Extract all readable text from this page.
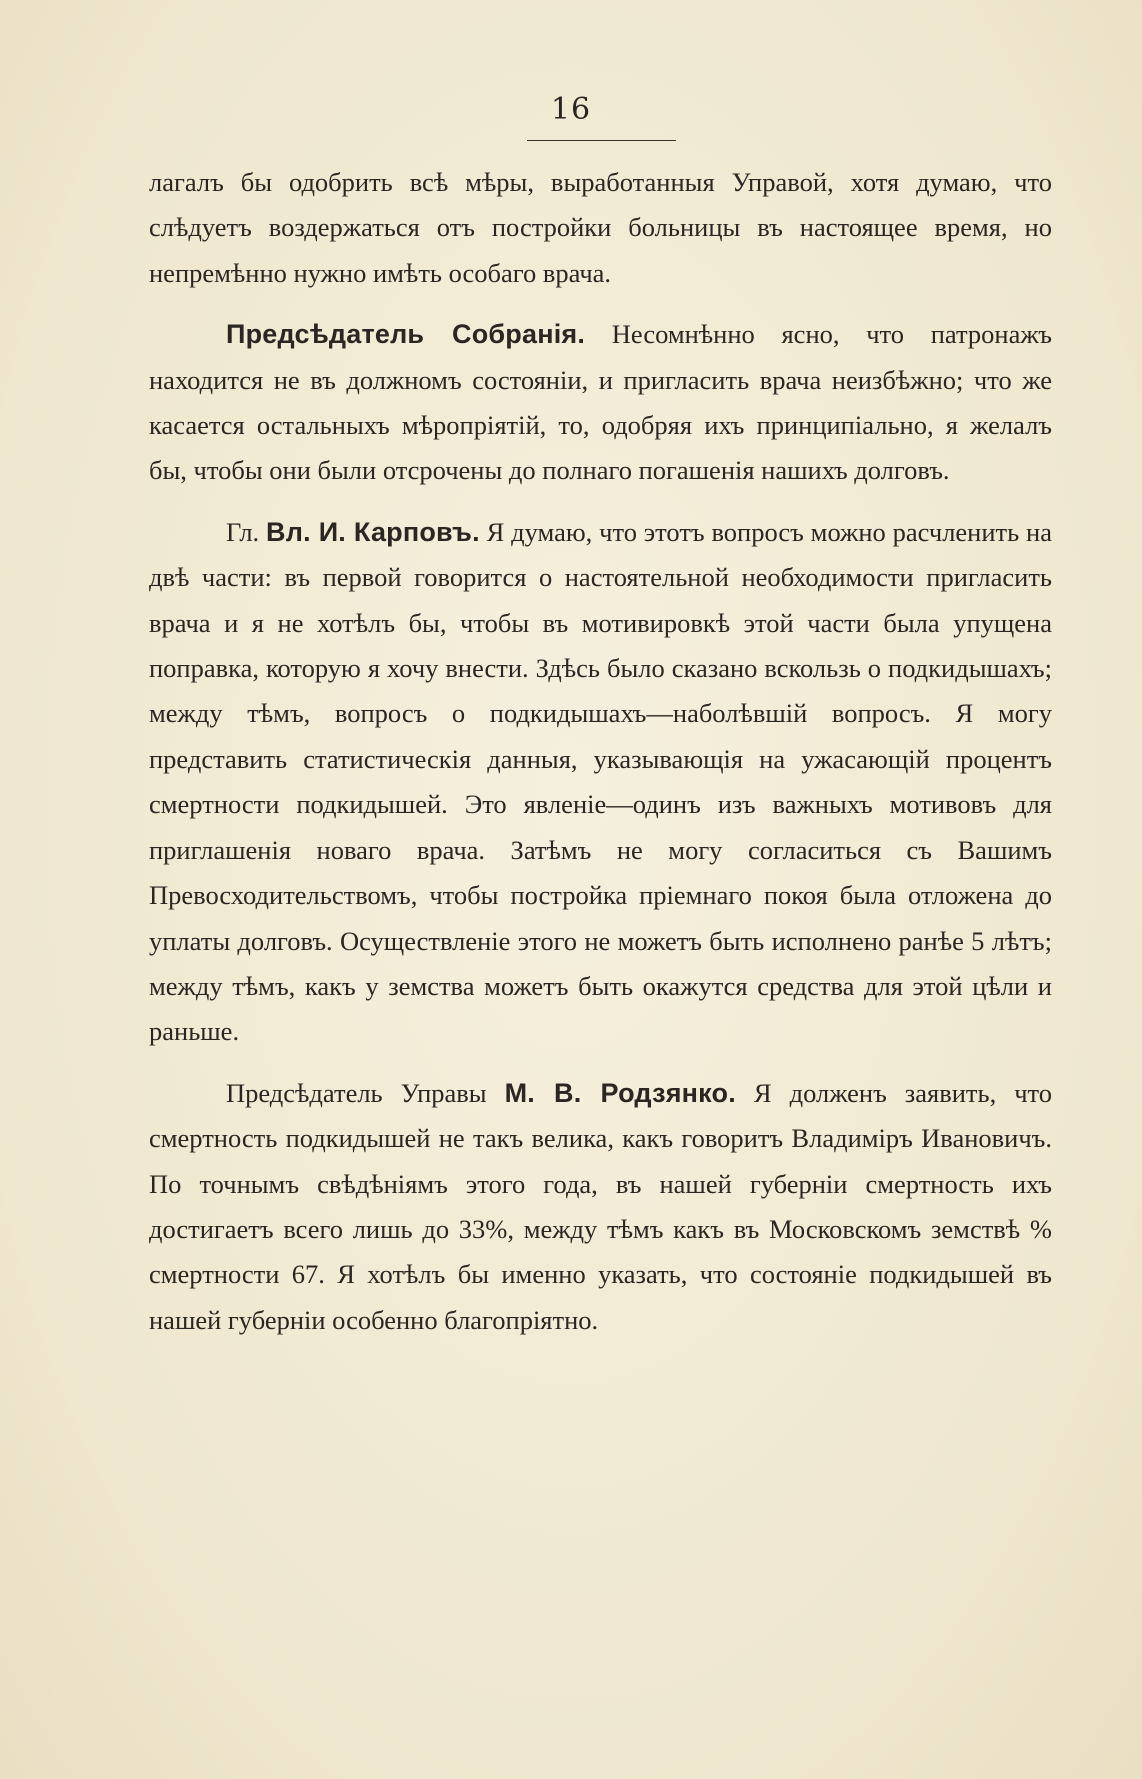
16

лагалъ бы одобрить всѣ мѣры, выработанныя Управой, хотя думаю, что слѣдуетъ воздержаться отъ постройки больницы въ настоящее время, но непремѣнно нужно имѣть особаго врача.

Предсѣдатель Собранія. Несомнѣнно ясно, что патронажъ находится не въ должномъ состояніи, и пригласить врача неизбѣжно; что же касается остальныхъ мѣропріятій, то, одобряя ихъ принципіально, я желалъ бы, чтобы они были отсрочены до полнаго погашенія нашихъ долговъ.

Гл. Вл. И. Карповъ. Я думаю, что этотъ вопросъ можно расчленить на двѣ части: въ первой говорится о настоятельной необходимости пригласить врача и я не хотѣлъ бы, чтобы въ мотивировкѣ этой части была упущена поправка, которую я хочу внести. Здѣсь было сказано вскользь о подкидышахъ; между тѣмъ, вопросъ о подкидышахъ—наболѣвшій вопросъ. Я могу представить статистическія данныя, указывающія на ужасающій процентъ смертности подкидышей. Это явленіе—одинъ изъ важныхъ мотивовъ для приглашенія новаго врача. Затѣмъ не могу согласиться съ Вашимъ Превосходительствомъ, чтобы постройка пріемнаго покоя была отложена до уплаты долговъ. Осуществленіе этого не можетъ быть исполнено ранѣе 5 лѣтъ; между тѣмъ, какъ у земства можетъ быть окажутся средства для этой цѣли и раньше.

Предсѣдатель Управы М. В. Родзянко. Я долженъ заявить, что смертность подкидышей не такъ велика, какъ говоритъ Владиміръ Ивановичъ. По точнымъ свѣдѣніямъ этого года, въ нашей губерніи смертность ихъ достигаетъ всего лишь до 33%, между тѣмъ какъ въ Московскомъ земствѣ % смертности 67. Я хотѣлъ бы именно указать, что состояніе подкидышей въ нашей губерніи особенно благопріятно.
